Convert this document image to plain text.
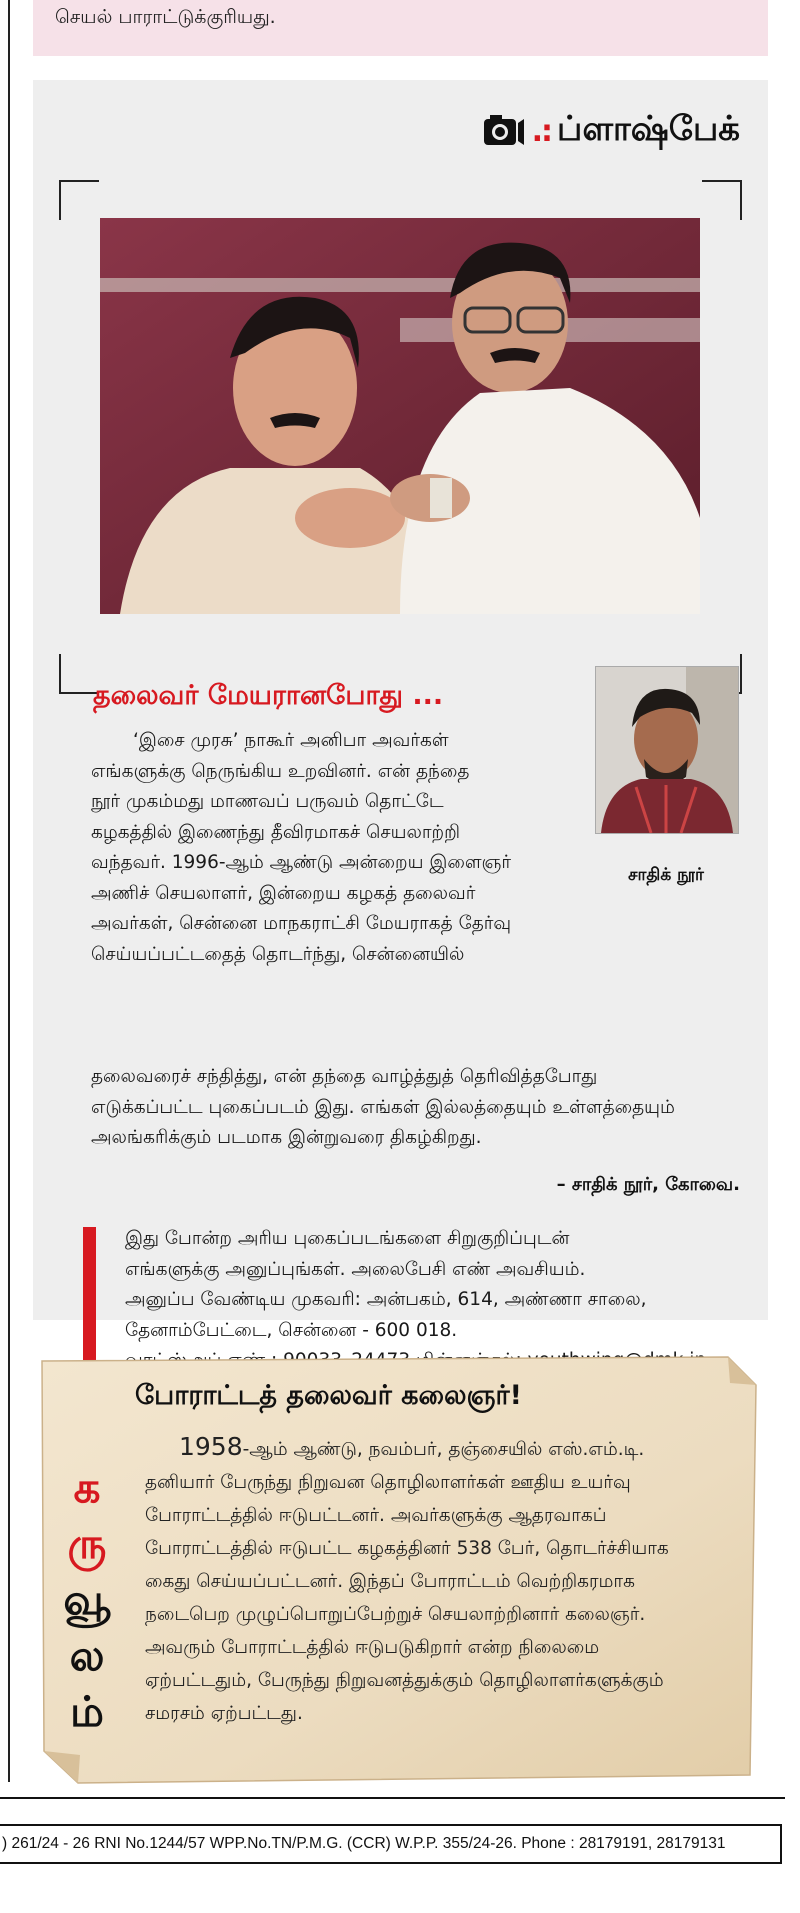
செயல் பாராட்டுக்குரியது.
.: ப்ளாஷ்பேக்
தலைவர் மேயரானபோது ...
சாதிக் நூர்
‘இசை முரசு’ நாகூர் அனிபா அவர்கள்
எங்களுக்கு நெருங்கிய உறவினர். என் தந்தை
நூர் முகம்மது மாணவப் பருவம் தொட்டே
கழகத்தில் இணைந்து தீவிரமாகச் செயலாற்றி
வந்தவர். 1996-ஆம் ஆண்டு அன்றைய இளைஞர்
அணிச் செயலாளர், இன்றைய கழகத் தலைவர்
அவர்கள், சென்னை மாநகராட்சி மேயராகத் தேர்வு
செய்யப்பட்டதைத் தொடர்ந்து, சென்னையில்
தலைவரைச் சந்தித்து, என் தந்தை வாழ்த்துத் தெரிவித்தபோது
எடுக்கப்பட்ட புகைப்படம் இது. எங்கள் இல்லத்தையும் உள்ளத்தையும்
அலங்கரிக்கும் படமாக இன்றுவரை திகழ்கிறது.
– சாதிக் நூர், கோவை.
இது போன்ற அரிய புகைப்படங்களை சிறுகுறிப்புடன்
எங்களுக்கு அனுப்புங்கள். அலைபேசி எண் அவசியம்.
அனுப்ப வேண்டிய முகவரி: அன்பகம், 614, அண்ணா சாலை,
தேனாம்பேட்டை, சென்னை - 600 018.
போராட்டத் தலைவர் கலைஞர்!
க
ரு
வூ
ல
ம்
1958-ஆம் ஆண்டு, நவம்பர், தஞ்சையில் எஸ்.எம்.டி.
தனியார் பேருந்து நிறுவன தொழிலாளர்கள் ஊதிய உயர்வு
போராட்டத்தில் ஈடுபட்டனர். அவர்களுக்கு ஆதரவாகப்
போராட்டத்தில் ஈடுபட்ட கழகத்தினர் 538 பேர், தொடர்ச்சியாக
கைது செய்யப்பட்டனர். இந்தப் போராட்டம் வெற்றிகரமாக
நடைபெற முழுப்பொறுப்பேற்றுச் செயலாற்றினார் கலைஞர்.
அவரும் போராட்டத்தில் ஈடுபடுகிறார் என்ற நிலைமை
ஏற்பட்டதும், பேருந்து நிறுவனத்துக்கும் தொழிலாளர்களுக்கும்
சமரசம் ஏற்பட்டது.
) 261/24 - 26 RNI No.1244/57 WPP.No.TN/P.M.G. (CCR) W.P.P. 355/24-26. Phone : 28179191, 28179131
